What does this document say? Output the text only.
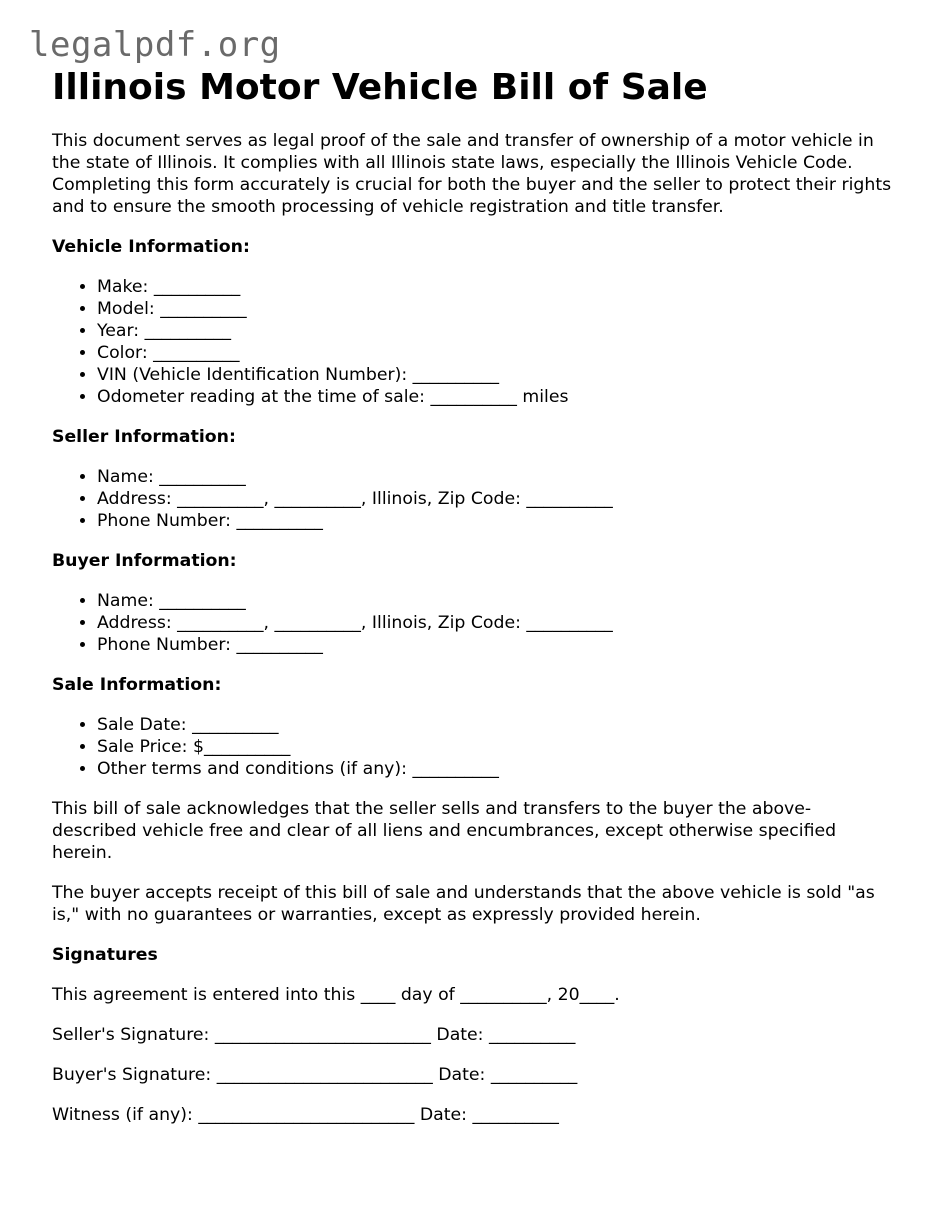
legalpdf.org
Illinois Motor Vehicle Bill of Sale

This document serves as legal proof of the sale and transfer of ownership of a motor vehicle in the state of Illinois. It complies with all Illinois state laws, especially the Illinois Vehicle Code. Completing this form accurately is crucial for both the buyer and the seller to protect their rights and to ensure the smooth processing of vehicle registration and title transfer.

Vehicle Information:
• Make: __________
• Model: __________
• Year: __________
• Color: __________
• VIN (Vehicle Identification Number): __________
• Odometer reading at the time of sale: __________ miles
Seller Information:
• Name: __________
• Address: __________, __________, Illinois, Zip Code: __________
• Phone Number: __________
Buyer Information:
• Name: __________
• Address: __________, __________, Illinois, Zip Code: __________
• Phone Number: __________
Sale Information:
• Sale Date: __________
• Sale Price: $__________
• Other terms and conditions (if any): __________

This bill of sale acknowledges that the seller sells and transfers to the buyer the above-described vehicle free and clear of all liens and encumbrances, except otherwise specified herein.

The buyer accepts receipt of this bill of sale and understands that the above vehicle is sold "as is," with no guarantees or warranties, except as expressly provided herein.

Signatures

This agreement is entered into this ____ day of __________, 20____.

Seller's Signature: _________________________ Date: __________

Buyer's Signature: _________________________ Date: __________

Witness (if any): _________________________ Date: __________
